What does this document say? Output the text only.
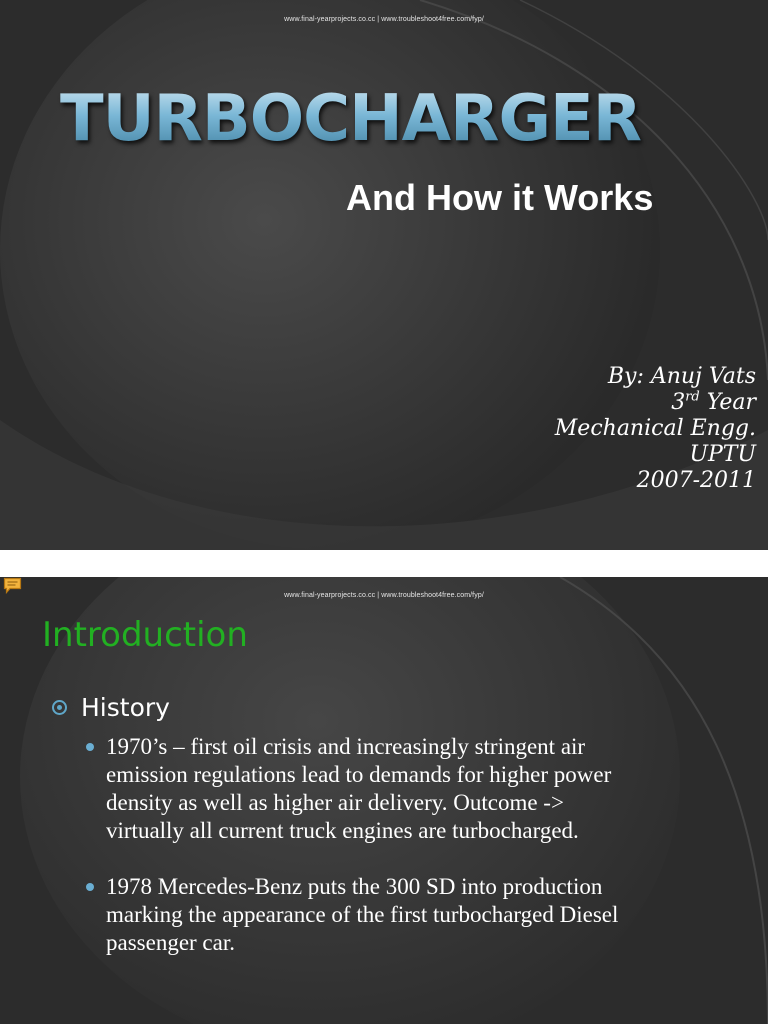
www.final-yearprojects.co.cc | www.troubleshoot4free.com/fyp/
TURBOCHARGER
And How it Works
By: Anuj Vats
3rd Year
Mechanical Engg.
UPTU
2007-2011
www.final-yearprojects.co.cc | www.troubleshoot4free.com/fyp/
Introduction
History
1970’s – first oil crisis and increasingly stringent air emission regulations lead to demands for higher power density as well as higher air delivery. Outcome -> virtually all current truck engines are turbocharged.
1978 Mercedes-Benz puts the 300 SD into production marking the appearance of the first turbocharged Diesel passenger car.
